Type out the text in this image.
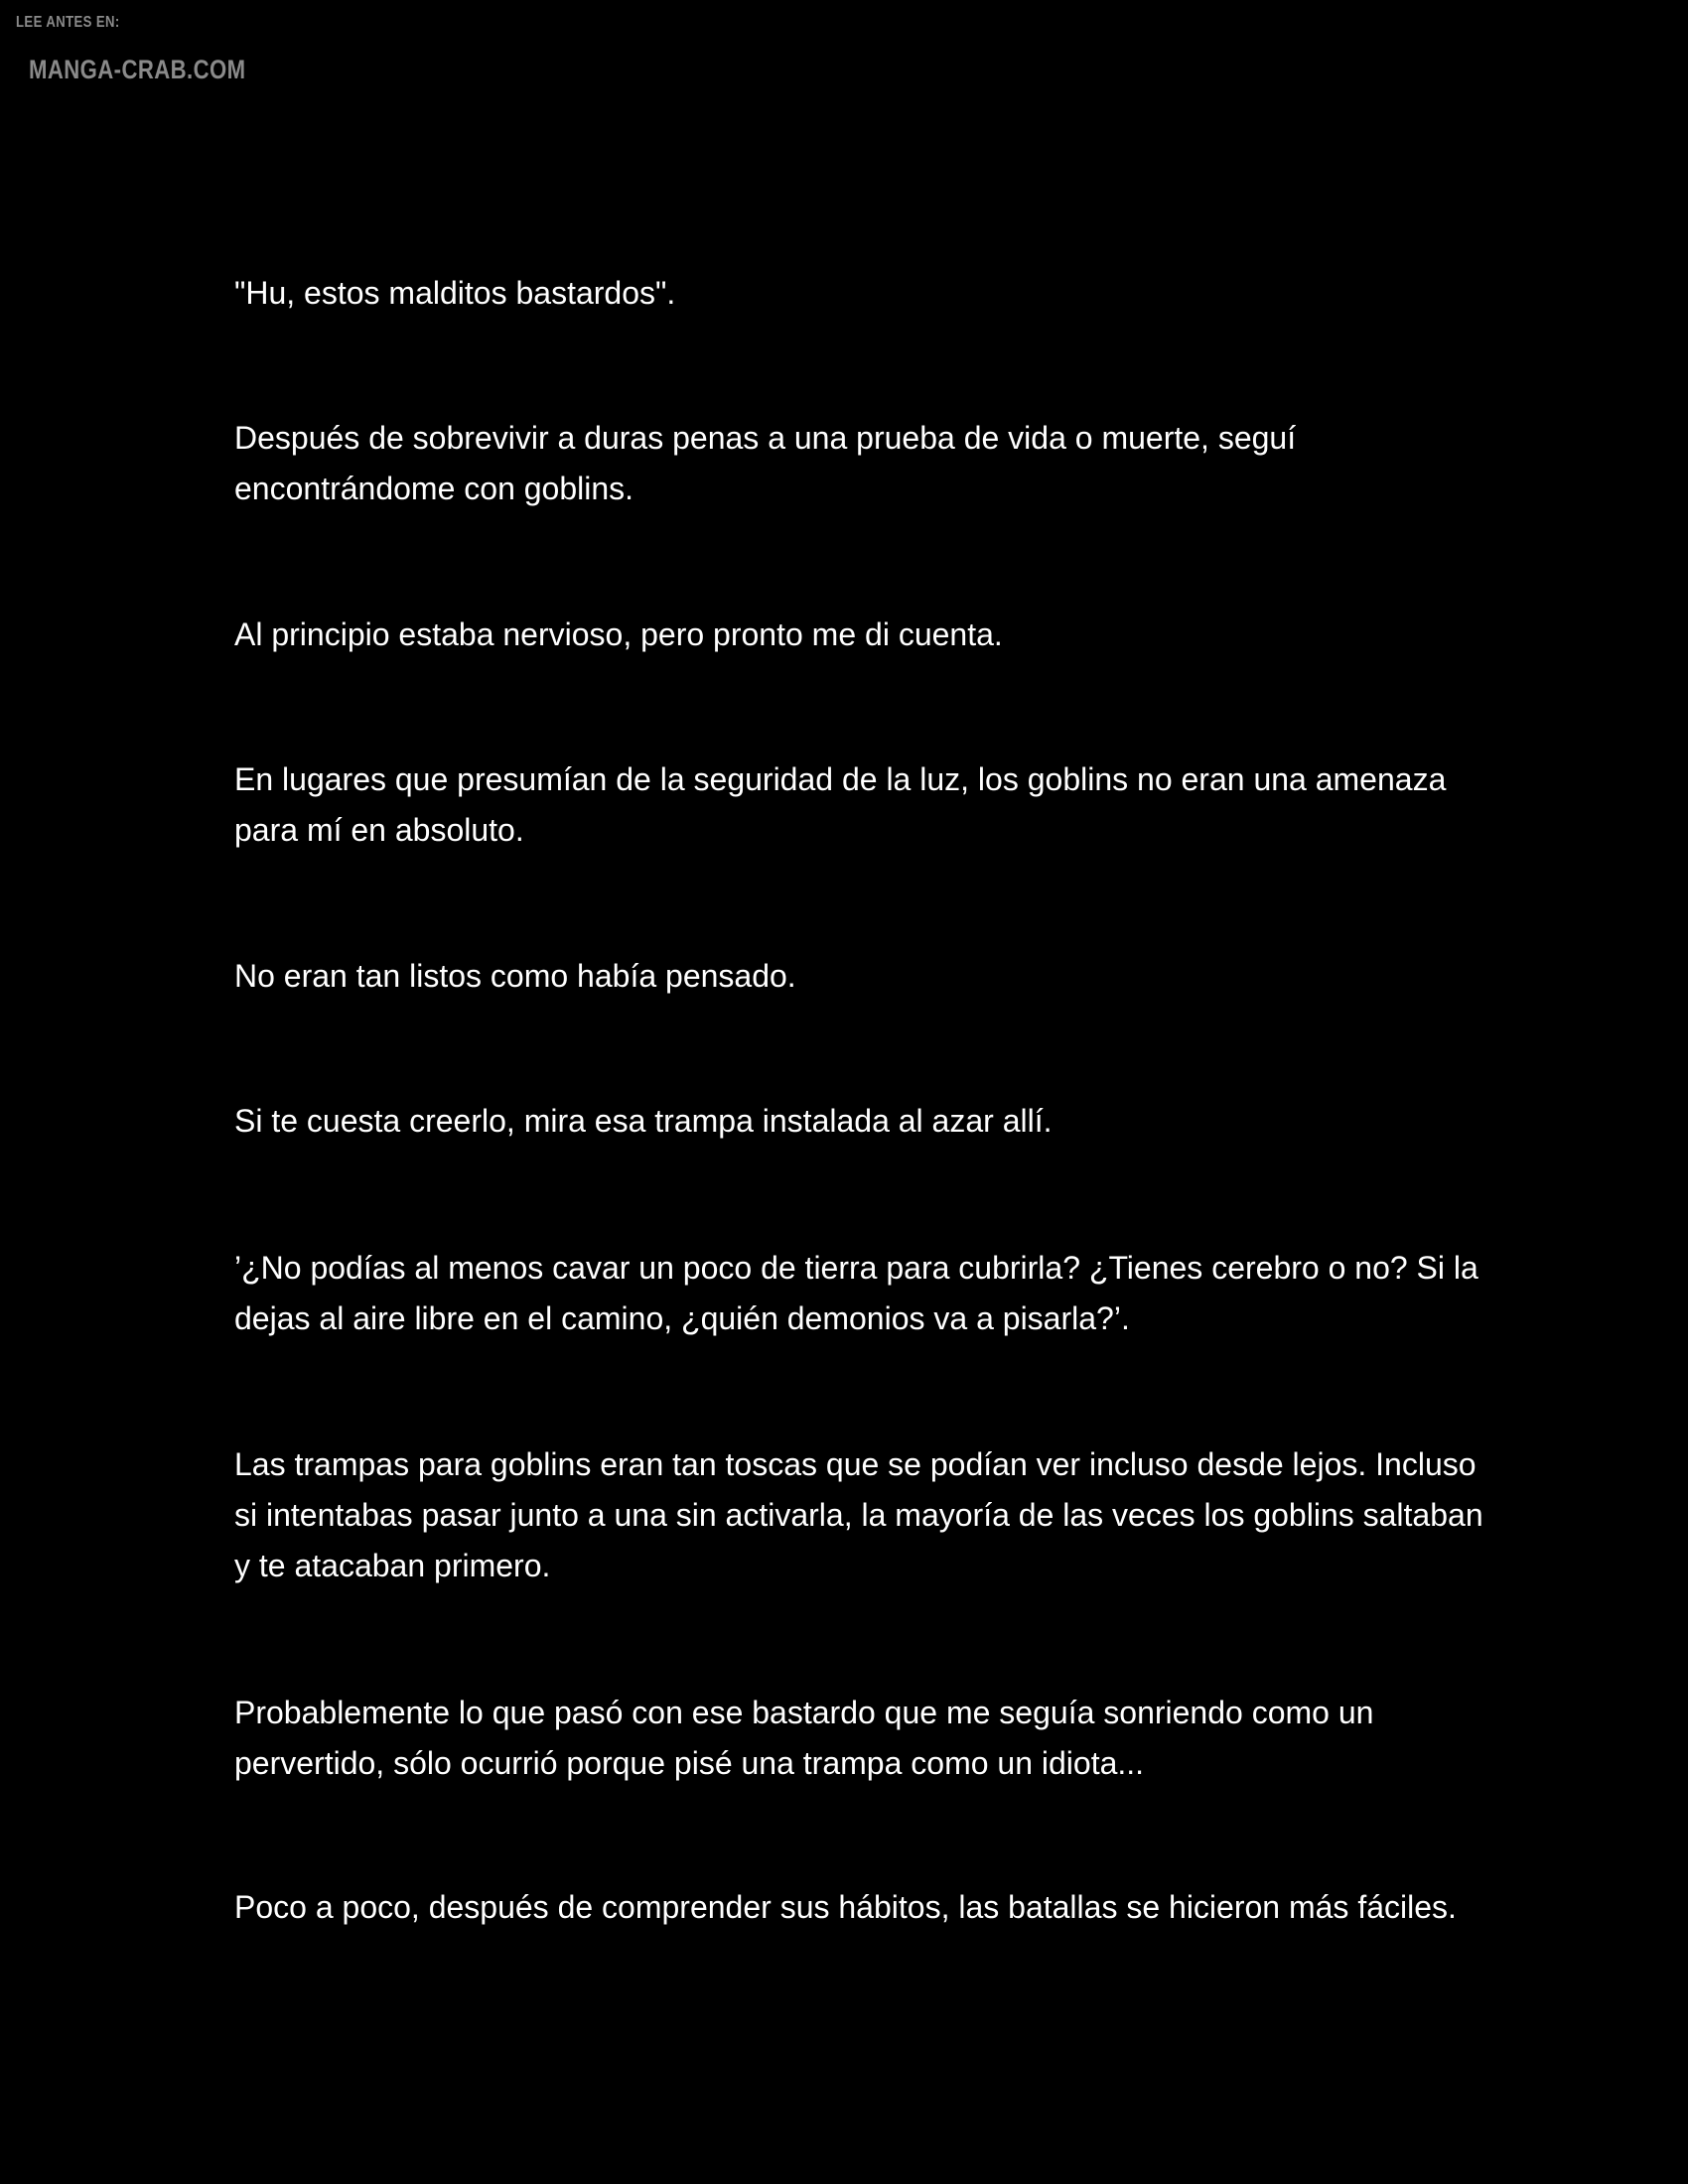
LEE ANTES EN:
MANGA-CRAB.COM

"Hu, estos malditos bastardos".

Después de sobrevivir a duras penas a una prueba de vida o muerte, seguí encontrándome con goblins.

Al principio estaba nervioso, pero pronto me di cuenta.

En lugares que presumían de la seguridad de la luz, los goblins no eran una amenaza para mí en absoluto.

No eran tan listos como había pensado.

Si te cuesta creerlo, mira esa trampa instalada al azar allí.

’¿No podías al menos cavar un poco de tierra para cubrirla? ¿Tienes cerebro o no? Si la dejas al aire libre en el camino, ¿quién demonios va a pisarla?’.

Las trampas para goblins eran tan toscas que se podían ver incluso desde lejos. Incluso si intentabas pasar junto a una sin activarla, la mayoría de las veces los goblins saltaban y te atacaban primero.

Probablemente lo que pasó con ese bastardo que me seguía sonriendo como un pervertido, sólo ocurrió porque pisé una trampa como un idiota...

Poco a poco, después de comprender sus hábitos, las batallas se hicieron más fáciles.
